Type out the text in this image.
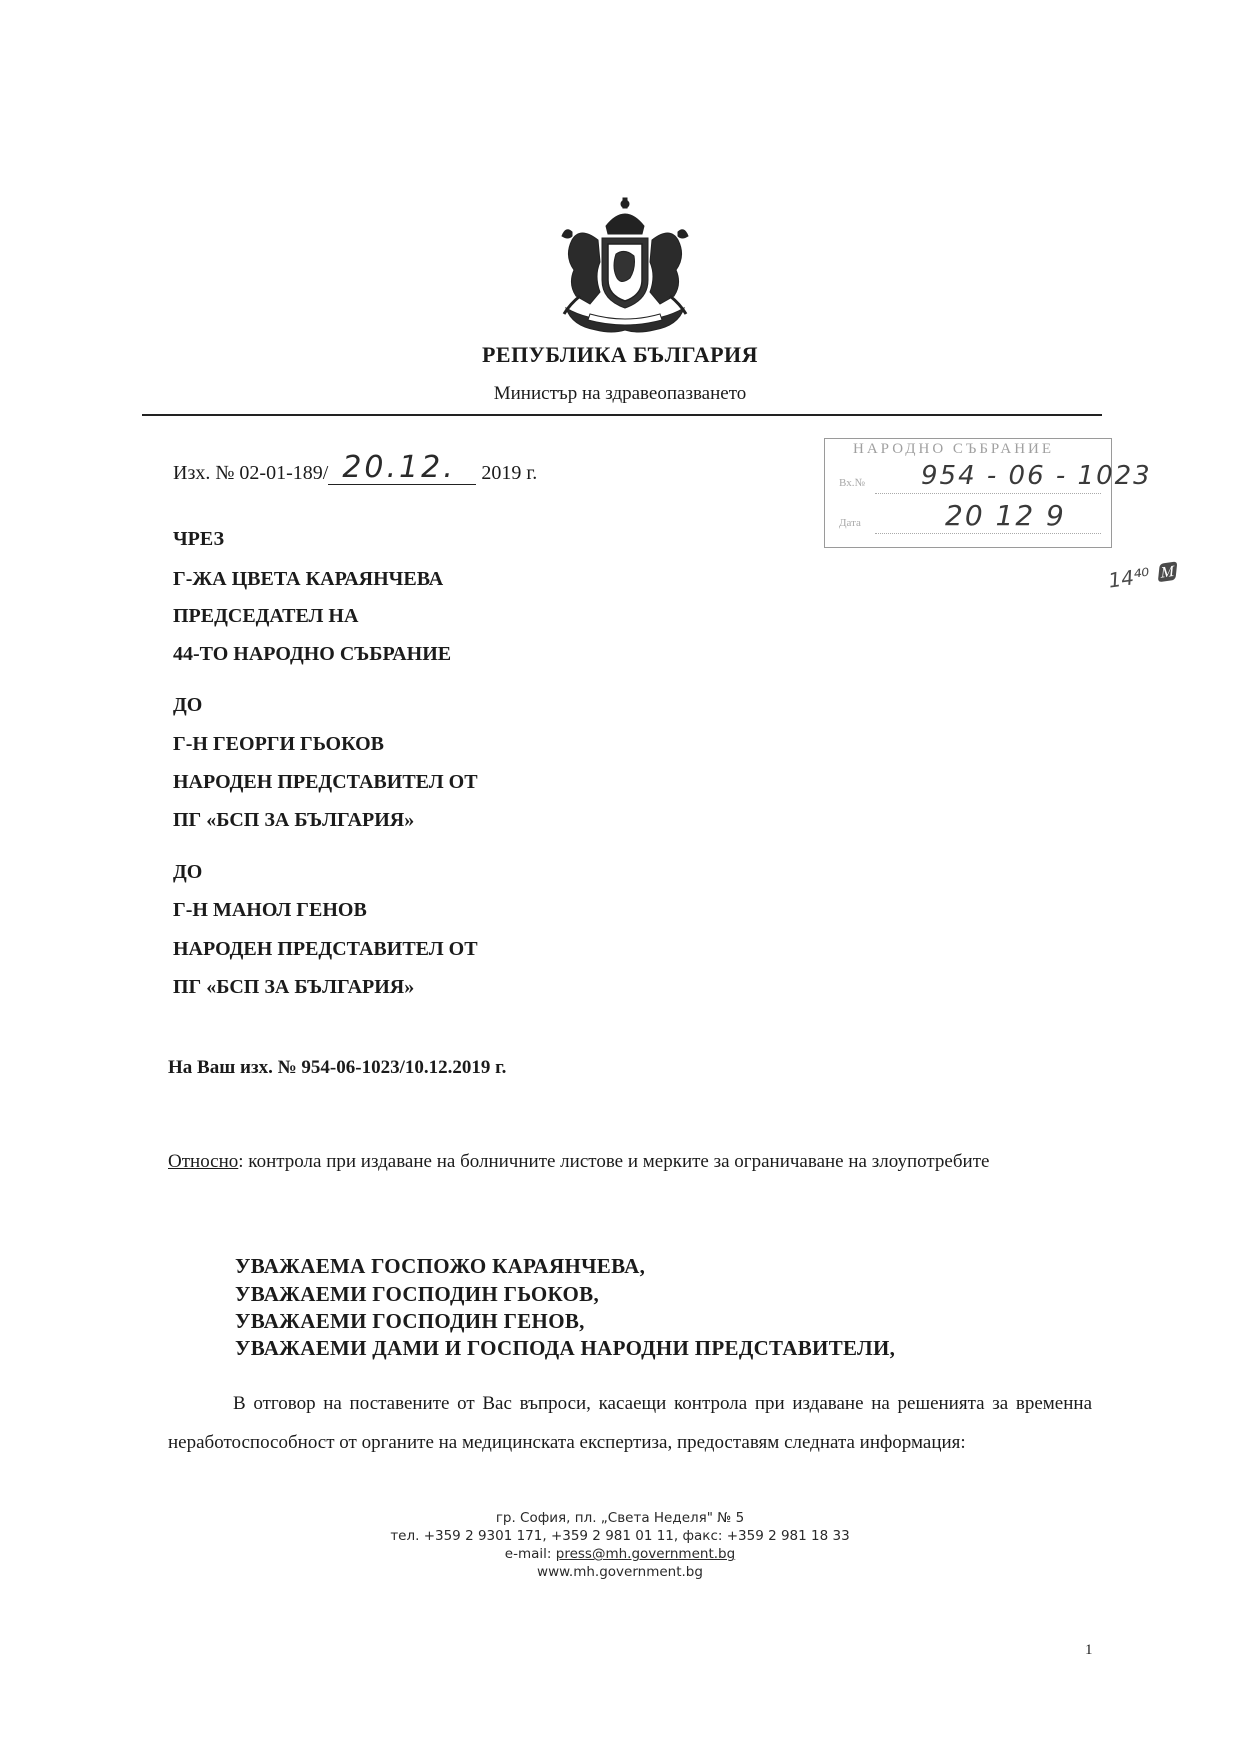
РЕПУБЛИКА БЪЛГАРИЯ
Министър на здравеопазването
Изх. № 02-01-189/ 20.12. 2019 г.
НАРОДНО СЪБРАНИЕ
Вх.№ 954 - 06 - 1023
Дата	20 12 9
14⁴⁰ 🅼
ЧРЕЗ
Г-ЖА ЦВЕТА КАРАЯНЧЕВА
ПРЕДСЕДАТЕЛ НА
44-ТО НАРОДНО СЪБРАНИЕ
ДО
Г-Н ГЕОРГИ ГЬОКОВ
НАРОДЕН ПРЕДСТАВИТЕЛ ОТ
ПГ «БСП ЗА БЪЛГАРИЯ»
ДО
Г-Н МАНОЛ ГЕНОВ
НАРОДЕН ПРЕДСТАВИТЕЛ ОТ
ПГ «БСП ЗА БЪЛГАРИЯ»
На Ваш изх. № 954-06-1023/10.12.2019 г.
Относно: контрола при издаване на болничните листове и мерките за ограничаване на злоупотребите
УВАЖАЕМА ГОСПОЖО КАРАЯНЧЕВА,
УВАЖАЕМИ ГОСПОДИН ГЬОКОВ,
УВАЖАЕМИ ГОСПОДИН ГЕНОВ,
УВАЖАЕМИ ДАМИ И ГОСПОДА НАРОДНИ ПРЕДСТАВИТЕЛИ,
В отговор на поставените от Вас въпроси, касаещи контрола при издаване на решенията за временна неработоспособност от органите на медицинската експертиза, предоставям следната информация:
гр. София, пл. „Света Неделя" № 5
тел. +359 2 9301 171, +359 2 981 01 11, факс: +359 2 981 18 33
e-mail: press@mh.government.bg
www.mh.government.bg
1
